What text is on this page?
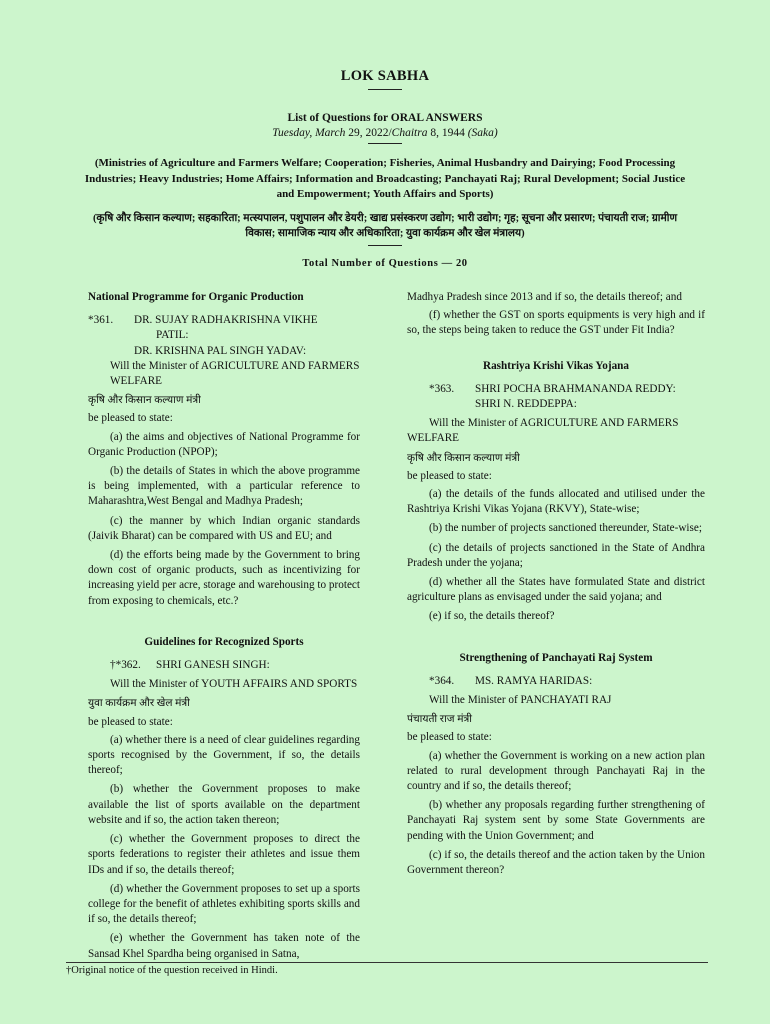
LOK SABHA
List of Questions for ORAL ANSWERS
Tuesday, March 29, 2022/Chaitra 8, 1944 (Saka)
(Ministries of Agriculture and Farmers Welfare; Cooperation; Fisheries, Animal Husbandry and Dairying; Food Processing Industries; Heavy Industries; Home Affairs; Information and Broadcasting; Panchayati Raj; Rural Development; Social Justice and Empowerment; Youth Affairs and Sports)
(कृषि और किसान कल्याण; सहकारिता; मत्स्यपालन, पशुपालन और डेयरी; खाद्य प्रसंस्करण उद्योग; भारी उद्योग; गृह; सूचना और प्रसारण; पंचायती राज; ग्रामीण विकास; सामाजिक न्याय और अधिकारिता; युवा कार्यक्रम और खेल मंत्रालय)
Total Number of Questions — 20
National Programme for Organic Production
*361.	DR. SUJAY RADHAKRISHNA VIKHE
PATIL:
DR. KRISHNA PAL SINGH YADAV:

Will the Minister of AGRICULTURE AND FARMERS WELFARE

कृषि और किसान कल्याण मंत्री

be pleased to state:

(a) the aims and objectives of National Programme for Organic Production (NPOP);

(b) the details of States in which the above programme is being implemented, with a particular reference to Maharashtra,West Bengal and Madhya Pradesh;

(c) the manner by which Indian organic standards (Jaivik Bharat) can be compared with US and EU; and

(d) the efforts being made by the Government to bring down cost of organic products, such as incentivizing for increasing yield per acre, storage and warehousing to protect from exposing to chemicals, etc.?

Guidelines for Recognized Sports
†*362.	SHRI GANESH SINGH:

Will the Minister of YOUTH AFFAIRS AND SPORTS

युवा कार्यक्रम और खेल मंत्री

be pleased to state:

(a) whether there is a need of clear guidelines regarding sports recognised by the Government, if so, the details thereof;

(b) whether the Government proposes to make available the list of sports available on the department website and if so, the action taken thereon;

(c) whether the Government proposes to direct the sports federations to register their athletes and issue them IDs and if so, the details thereof;

(d) whether the Government proposes to set up a sports college for the benefit of athletes exhibiting sports skills and if so, the details thereof;

(e) whether the Government has taken note of the Sansad Khel Spardha being organised in Satna,

Madhya Pradesh since 2013 and if so, the details thereof; and

(f) whether the GST on sports equipments is very high and if so, the steps being taken to reduce the GST under Fit India?

Rashtriya Krishi Vikas Yojana
*363.	SHRI POCHA BRAHMANANDA REDDY:
SHRI N. REDDEPPA:

Will the Minister of AGRICULTURE AND FARMERS WELFARE

कृषि और किसान कल्याण मंत्री

be pleased to state:

(a) the details of the funds allocated and utilised under the Rashtriya Krishi Vikas Yojana (RKVY), State-wise;

(b) the number of projects sanctioned thereunder, State-wise;

(c) the details of projects sanctioned in the State of Andhra Pradesh under the yojana;

(d) whether all the States have formulated State and district agriculture plans as envisaged under the said yojana; and

(e) if so, the details thereof?

Strengthening of Panchayati Raj System
*364.	MS. RAMYA HARIDAS:

Will the Minister of PANCHAYATI RAJ

पंचायती राज मंत्री

be pleased to state:

(a) whether the Government is working on a new action plan related to rural development through Panchayati Raj in the country and if so, the details thereof;

(b) whether any proposals regarding further strengthening of Panchayati Raj system sent by some State Governments are pending with the Union Government; and

(c) if so, the details thereof and the action taken by the Union Government thereon?

†Original notice of the question received in Hindi.
